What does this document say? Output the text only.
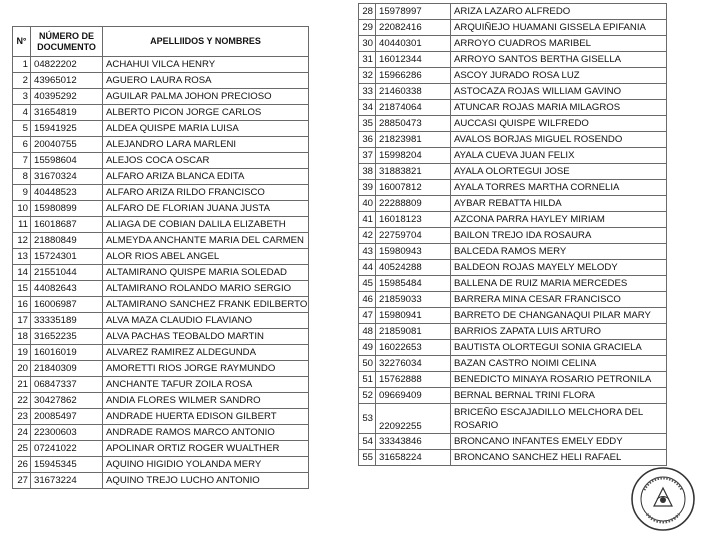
N°	NÚMERO DE DOCUMENTO	APELLIIDOS Y NOMBRES
1	04822202	ACHAHUI VILCA HENRY
2	43965012	AGUERO LAURA ROSA
3	40395292	AGUILAR PALMA JOHON PRECIOSO
4	31654819	ALBERTO PICON JORGE CARLOS
5	15941925	ALDEA QUISPE MARIA LUISA
6	20040755	ALEJANDRO LARA MARLENI
7	15598604	ALEJOS COCA OSCAR
8	31670324	ALFARO ARIZA BLANCA EDITA
9	40448523	ALFARO ARIZA RILDO FRANCISCO
10	15980899	ALFARO DE FLORIAN JUANA JUSTA
11	16018687	ALIAGA DE COBIAN DALILA ELIZABETH
12	21880849	ALMEYDA ANCHANTE MARIA DEL CARMEN
13	15724301	ALOR RIOS ABEL ANGEL
14	21551044	ALTAMIRANO QUISPE MARIA SOLEDAD
15	44082643	ALTAMIRANO ROLANDO MARIO SERGIO
16	16006987	ALTAMIRANO SANCHEZ FRANK EDILBERTO
17	33335189	ALVA MAZA CLAUDIO FLAVIANO
18	31652235	ALVA PACHAS TEOBALDO MARTIN
19	16016019	ALVAREZ RAMIREZ ALDEGUNDA
20	21840309	AMORETTI RIOS JORGE RAYMUNDO
21	06847337	ANCHANTE TAFUR ZOILA ROSA
22	30427862	ANDIA FLORES WILMER SANDRO
23	20085497	ANDRADE HUERTA EDISON GILBERT
24	22300603	ANDRADE RAMOS MARCO ANTONIO
25	07241022	APOLINAR ORTIZ ROGER WUALTHER
26	15945345	AQUINO HIGIDIO YOLANDA MERY
27	31673224	AQUINO TREJO LUCHO ANTONIO
28	15978997	ARIZA LAZARO ALFREDO
29	22082416	ARQUIÑEJO HUAMANI GISSELA EPIFANIA
30	40440301	ARROYO CUADROS MARIBEL
31	16012344	ARROYO SANTOS BERTHA GISELLA
32	15966286	ASCOY JURADO ROSA LUZ
33	21460338	ASTOCAZA ROJAS WILLIAM GAVINO
34	21874064	ATUNCAR ROJAS MARIA MILAGROS
35	28850473	AUCCASI QUISPE WILFREDO
36	21823981	AVALOS BORJAS MIGUEL ROSENDO
37	15998204	AYALA CUEVA JUAN FELIX
38	31883821	AYALA OLORTEGUI JOSE
39	16007812	AYALA TORRES MARTHA CORNELIA
40	22288809	AYBAR REBATTA HILDA
41	16018123	AZCONA PARRA HAYLEY MIRIAM
42	22759704	BAILON TREJO IDA ROSAURA
43	15980943	BALCEDA RAMOS MERY
44	40524288	BALDEON ROJAS MAYELY MELODY
45	15985484	BALLENA DE RUIZ MARIA MERCEDES
46	21859033	BARRERA MINA CESAR FRANCISCO
47	15980941	BARRETO DE CHANGANAQUI PILAR MARY
48	21859081	BARRIOS ZAPATA LUIS ARTURO
49	16022653	BAUTISTA OLORTEGUI SONIA GRACIELA
50	32276034	BAZAN CASTRO NOIMI CELINA
51	15762888	BENEDICTO MINAYA ROSARIO PETRONILA
52	09669409	BERNAL BERNAL TRINI FLORA
53	22092255	BRICEÑO ESCAJADILLO MELCHORA DEL ROSARIO
54	33343846	BRONCANO INFANTES EMELY EDDY
55	31658224	BRONCANO SANCHEZ HELI RAFAEL
